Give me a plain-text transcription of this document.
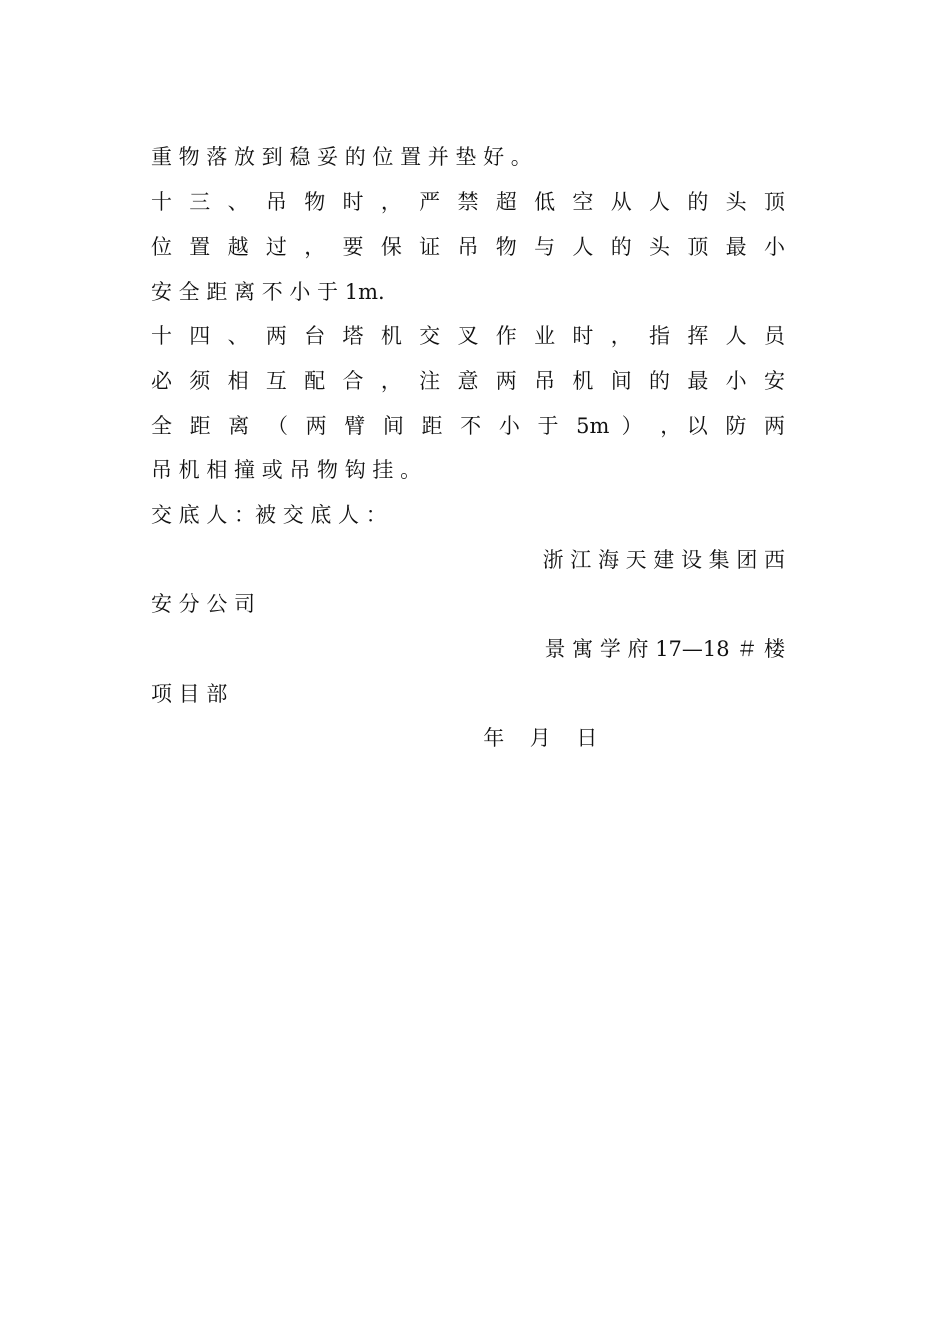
重 物 落 放 到 稳 妥 的 位 置 并 垫 好 。
十 三 、 吊 物 时 ， 严 禁 超 低 空 从 人 的 头 顶
位 置 越 过 ， 要 保 证 吊 物 与 人 的 头 顶 最 小
安 全 距 离 不 小 于 1m.
十 四 、 两 台 塔 机 交 叉 作 业 时 ， 指 挥 人 员
必 须 相 互 配 合 ， 注 意 两 吊 机 间 的 最 小 安
全 距 离 （ 两 臂 间 距 不 小 于 5m ） ，以 防 两
吊 机 相 撞 或 吊 物 钩 挂 。
交 底 人 ：被 交 底 人 ：
浙 江 海 天 建 设 集 团 西
安 分 公 司
景 寓 学 府 17—18 ＃ 楼
项 目 部
年 月 日
